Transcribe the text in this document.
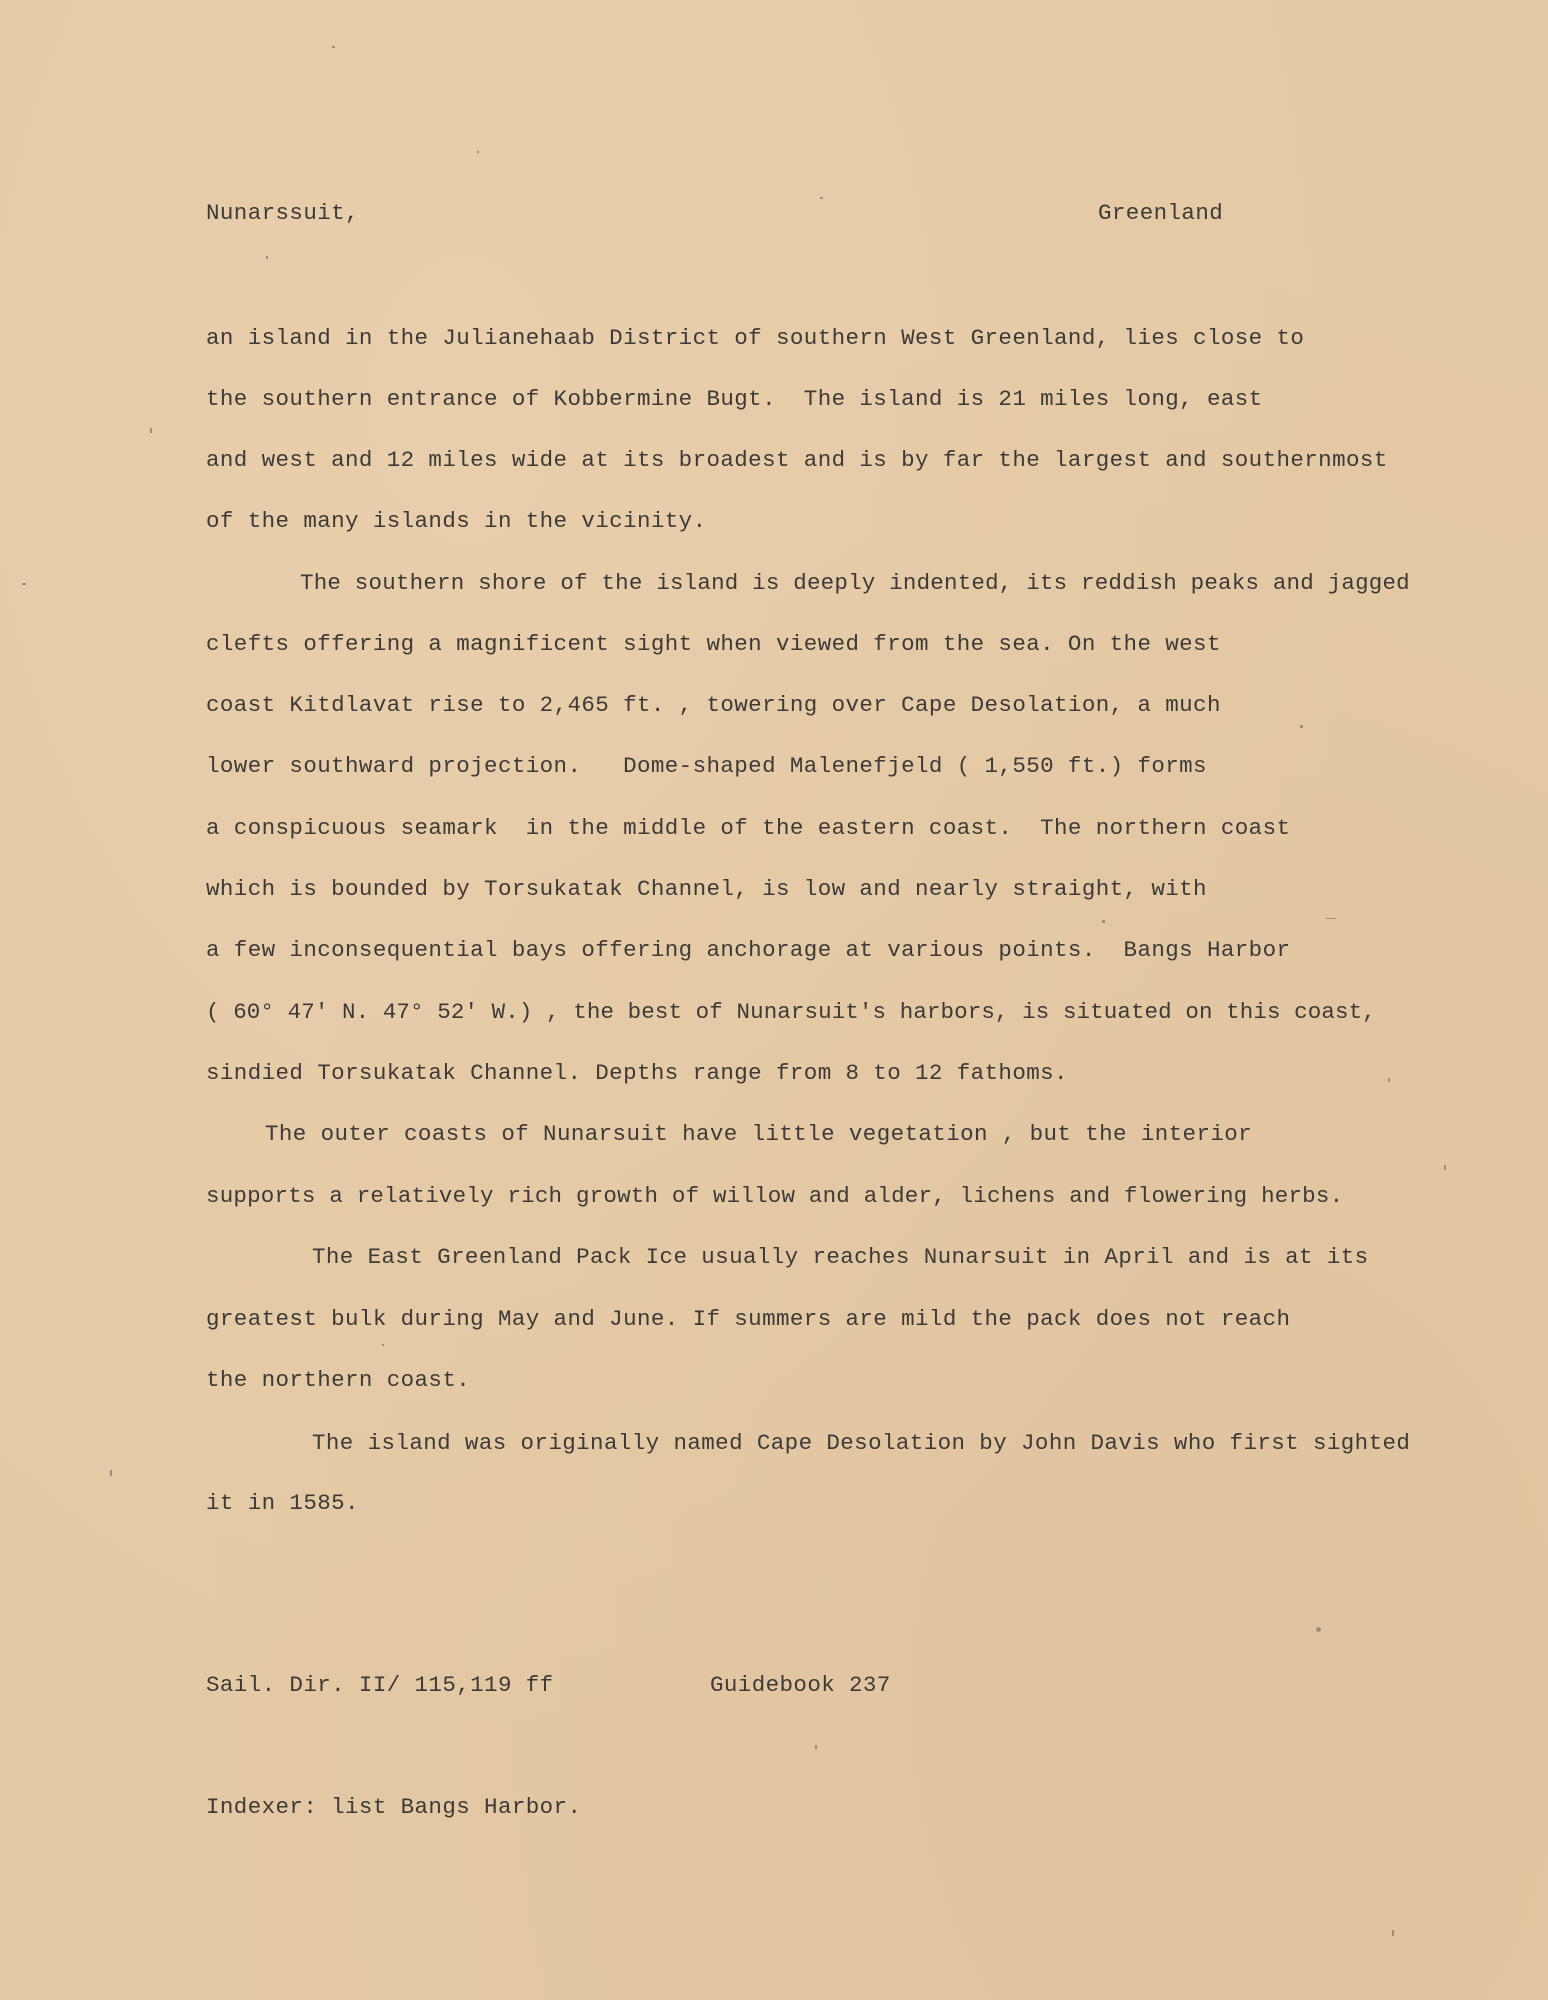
Nunarssuit,	Greenland
an island in the Julianehaab District of southern West Greenland, lies close to
the southern entrance of Kobbermine Bugt.  The island is 21 miles long, east
and west and 12 miles wide at its broadest and is by far the largest and southernmost
of the many islands in the vicinity.
The southern shore of the island is deeply indented, its reddish peaks and jagged
clefts offering a magnificent sight when viewed from the sea. On the west
coast Kitdlavat rise to 2,465 ft. , towering over Cape Desolation, a much
lower southward projection.   Dome-shaped Malenefjeld ( 1,550 ft.) forms
a conspicuous seamark  in the middle of the eastern coast.  The northern coast
which is bounded by Torsukatak Channel, is low and nearly straight, with
a few inconsequential bays offering anchorage at various points.  Bangs Harbor
( 60° 47' N. 47° 52' W.) , the best of Nunarsuit's harbors, is situated on this coast,
sindied Torsukatak Channel. Depths range from 8 to 12 fathoms.
The outer coasts of Nunarsuit have little vegetation , but the interior
supports a relatively rich growth of willow and alder, lichens and flowering herbs.
The East Greenland Pack Ice usually reaches Nunarsuit in April and is at its
greatest bulk during May and June. If summers are mild the pack does not reach
the northern coast.
The island was originally named Cape Desolation by John Davis who first sighted
it in 1585.
Sail. Dir. II/ 115,119 ff	Guidebook 237
Indexer: list Bangs Harbor.
